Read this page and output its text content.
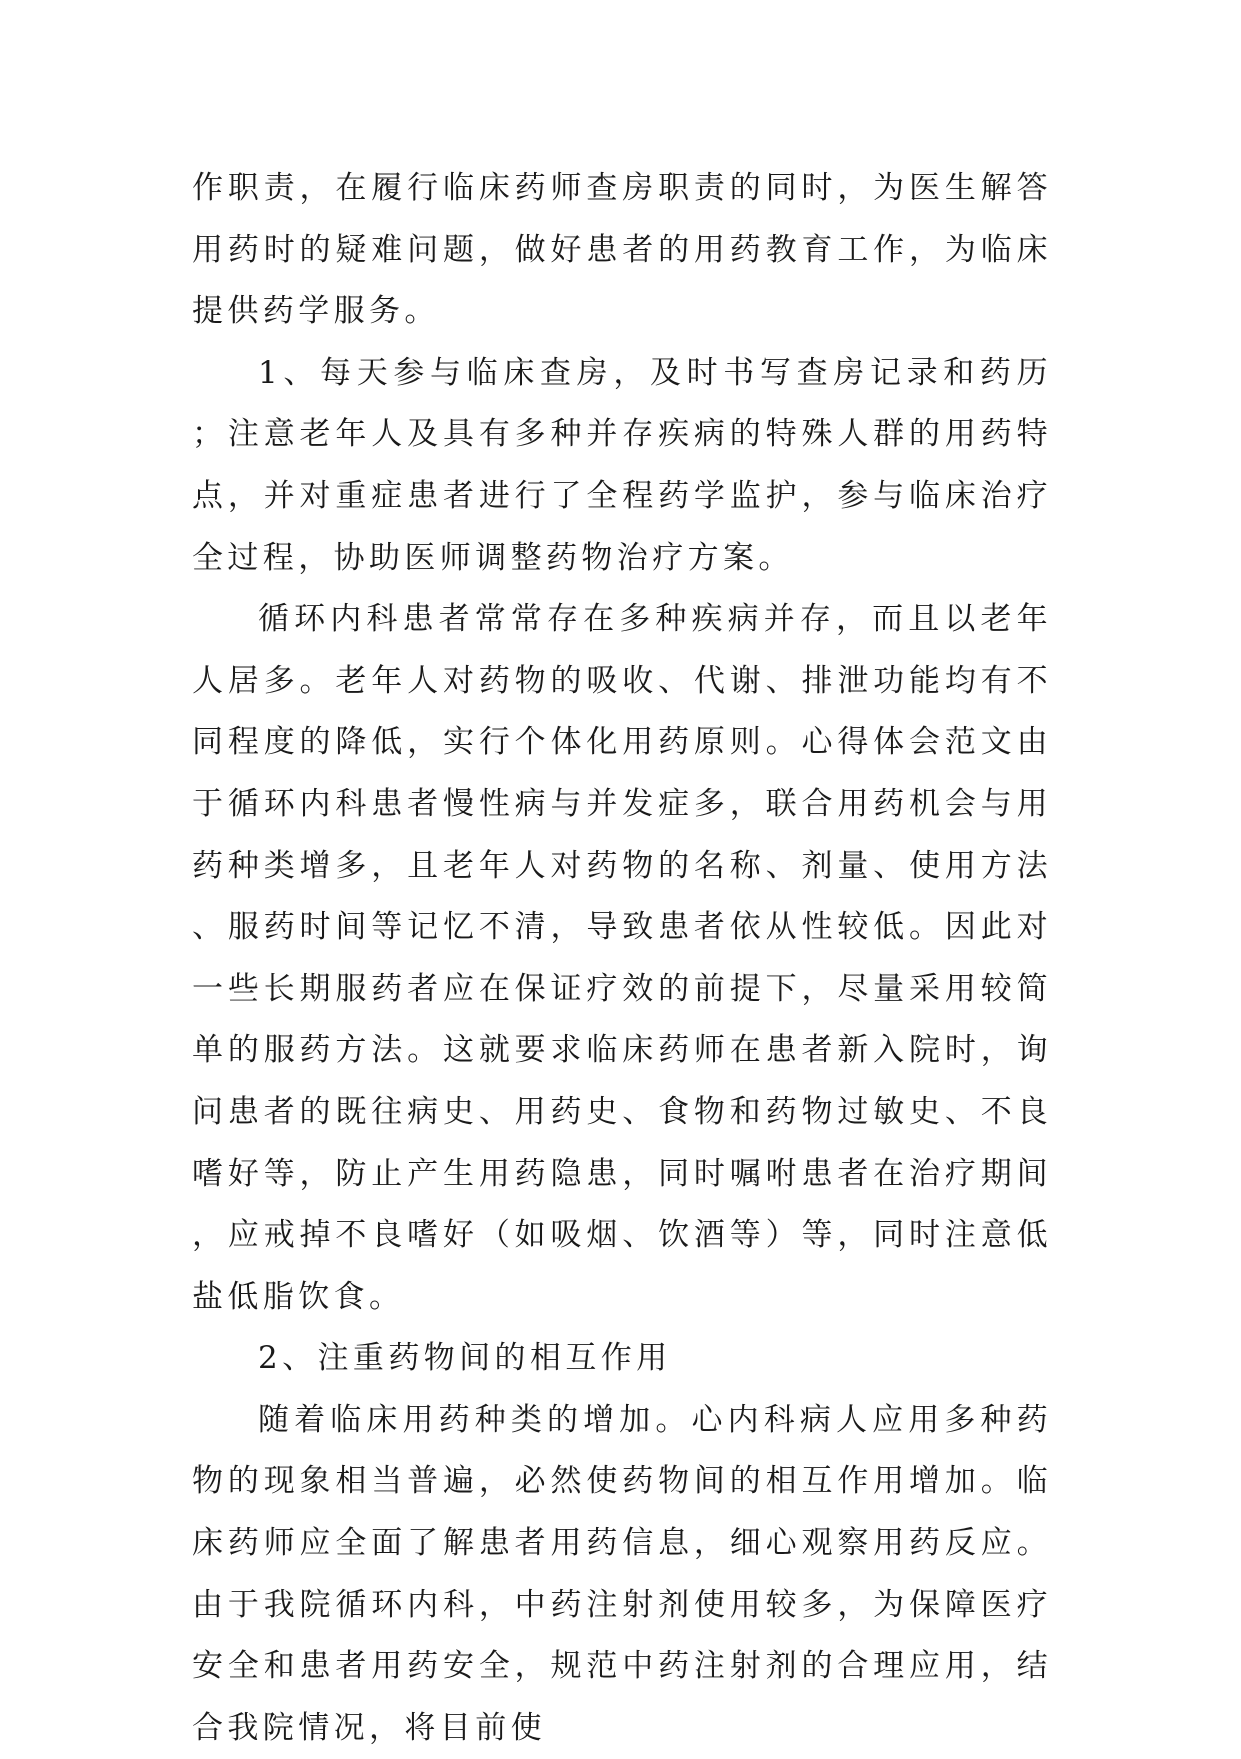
作职责，在履行临床药师查房职责的同时，为医生解答用药时的疑难问题，做好患者的用药教育工作，为临床提供药学服务。

1、每天参与临床查房，及时书写查房记录和药历；注意老年人及具有多种并存疾病的特殊人群的用药特点，并对重症患者进行了全程药学监护，参与临床治疗全过程，协助医师调整药物治疗方案。

循环内科患者常常存在多种疾病并存，而且以老年人居多。老年人对药物的吸收、代谢、排泄功能均有不同程度的降低，实行个体化用药原则。心得体会范文由于循环内科患者慢性病与并发症多，联合用药机会与用药种类增多，且老年人对药物的名称、剂量、使用方法、服药时间等记忆不清，导致患者依从性较低。因此对一些长期服药者应在保证疗效的前提下，尽量采用较简单的服药方法。这就要求临床药师在患者新入院时，询问患者的既往病史、用药史、食物和药物过敏史、不良嗜好等，防止产生用药隐患，同时嘱咐患者在治疗期间，应戒掉不良嗜好（如吸烟、饮酒等）等，同时注意低盐低脂饮食。

2、注重药物间的相互作用

随着临床用药种类的增加。心内科病人应用多种药物的现象相当普遍，必然使药物间的相互作用增加。临床药师应全面了解患者用药信息，细心观察用药反应。由于我院循环内科，中药注射剂使用较多，为保障医疗安全和患者用药安全，规范中药注射剂的合理应用，结合我院情况，将目前使
